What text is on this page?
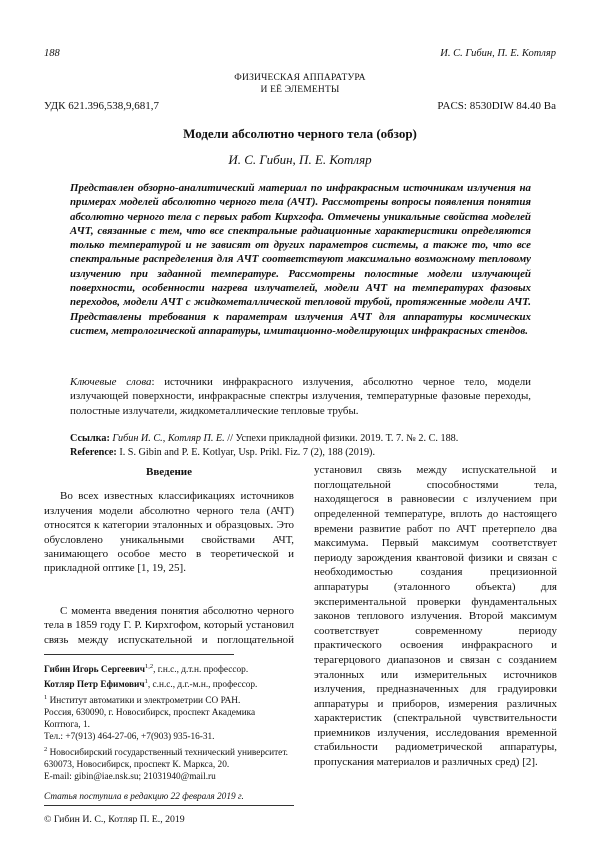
188	И. С. Гибин, П. Е. Котляр
ФИЗИЧЕСКАЯ АППАРАТУРА
И ЕЁ ЭЛЕМЕНТЫ
УДК 621.396,538,9,681,7	PACS: 8530DIW 84.40 Ba
Модели абсолютно черного тела (обзор)
И. С. Гибин, П. Е. Котляр
Представлен обзорно-аналитический материал по инфракрасным источникам излучения на примерах моделей абсолютно черного тела (АЧТ). Рассмотрены вопросы появления понятия абсолютно черного тела с первых работ Кирхгофа. Отмечены уникальные свойства моделей АЧТ, связанные с тем, что все спектральные радиационные характеристики определяются только температурой и не зависят от других параметров системы, а также то, что все спектральные распределения для АЧТ соответствуют максимально возможному тепловому излучению при заданной температуре. Рассмотрены полостные модели излучающей поверхности, особенности нагрева излучателей, модели АЧТ на температурах фазовых переходов, модели АЧТ с жидкометаллической тепловой трубой, протяженные модели АЧТ. Представлены требования к параметрам излучения АЧТ для аппаратуры космических систем, метрологической аппаратуры, имитационно-моделирующих инфракрасных стендов.
Ключевые слова: источники инфракрасного излучения, абсолютно черное тело, модели излучающей поверхности, инфракрасные спектры излучения, температурные фазовые переходы, полостные излучатели, жидкометаллические тепловые трубы.
Ссылка: Гибин И. С., Котляр П. Е. // Успехи прикладной физики. 2019. Т. 7. № 2. С. 188.
Reference: I. S. Gibin and P. E. Kotlyar, Usp. Prikl. Fiz. 7 (2), 188 (2019).
Введение

Во всех известных классификациях источников излучения модели абсолютно черного тела (АЧТ) относятся к категории эталонных и образцовых. Это обусловлено уникальными свойствами АЧТ, занимающего особое место в теоретической и прикладной оптике [1, 19, 25].

С момента введения понятия абсолютно черного тела в 1859 году Г. Р. Кирхгофом, который установил связь между испускательной и поглощательной

установил связь между испускательной и поглощательной способностями тела, находящегося в равновесии с излучением при определенной температуре, вплоть до настоящего времени развитие работ по АЧТ претерпело два максимума. Первый максимум соответствует периоду зарождения квантовой физики и связан с необходимостью создания прецизионной аппаратуры (эталонного объекта) для экспериментальной проверки фундаментальных законов теплового излучения. Второй максимум соответствует современному периоду практического освоения инфракрасного и терагерцового диапазонов и связан с созданием эталонных или измерительных источников излучения, предназначенных для градуировки аппаратуры и приборов, измерения различных характеристик (спектральной чувствительности приемников излучения, исследования временной стабильности радиометрической аппаратуры, пропускания материалов и различных сред) [2].

Гибин Игорь Сергеевич$^{1,2}$, г.н.с., д.т.н. профессор.
Котляр Петр Ефимович$^1$, с.н.с., д.г.-м.н., профессор.
$^1$ Институт автоматики и электрометрии СО РАН.
Россия, 630090, г. Новосибирск, проспект Академика Коптюга, 1.
Тел.: +7(913) 464-27-06, +7(903) 935-16-31.
$^2$ Новосибирский государственный технический университет.
630073, Новосибирск, проспект К. Маркса, 20.
E-mail: gibin@iae.nsk.su; 21031940@mail.ru
Статья поступила в редакцию 22 февраля 2019 г.
© Гибин И. С., Котляр П. Е., 2019
